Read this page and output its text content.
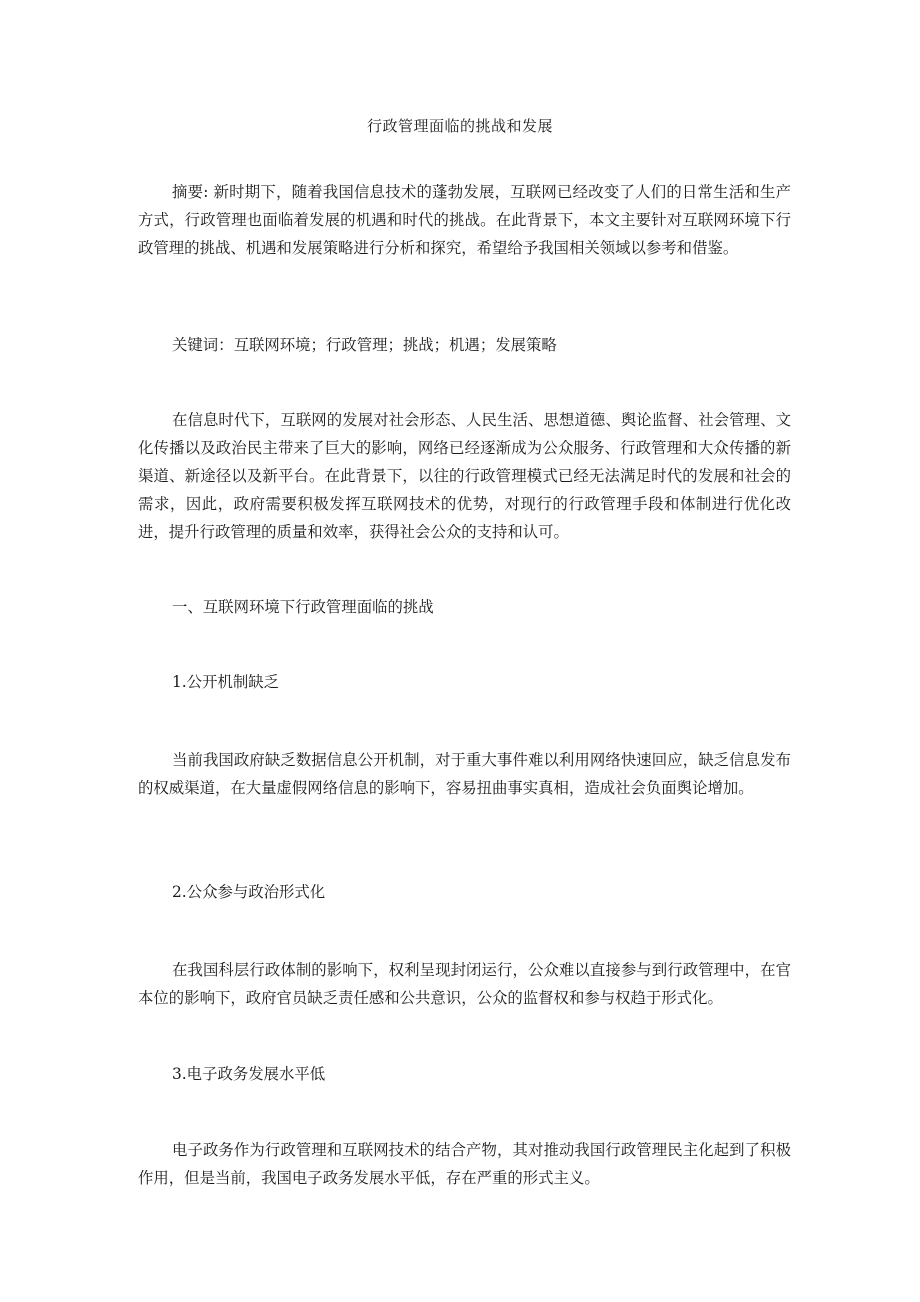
行政管理面临的挑战和发展

摘要: 新时期下，随着我国信息技术的蓬勃发展，互联网已经改变了人们的日常生活和生产方式，行政管理也面临着发展的机遇和时代的挑战。在此背景下，本文主要针对互联网环境下行政管理的挑战、机遇和发展策略进行分析和探究，希望给予我国相关领域以参考和借鉴。

关键词：互联网环境；行政管理；挑战；机遇；发展策略

在信息时代下，互联网的发展对社会形态、人民生活、思想道德、舆论监督、社会管理、文化传播以及政治民主带来了巨大的影响，网络已经逐渐成为公众服务、行政管理和大众传播的新渠道、新途径以及新平台。在此背景下，以往的行政管理模式已经无法满足时代的发展和社会的需求，因此，政府需要积极发挥互联网技术的优势，对现行的行政管理手段和体制进行优化改进，提升行政管理的质量和效率，获得社会公众的支持和认可。

一、互联网环境下行政管理面临的挑战

1.公开机制缺乏

当前我国政府缺乏数据信息公开机制，对于重大事件难以利用网络快速回应，缺乏信息发布的权威渠道，在大量虚假网络信息的影响下，容易扭曲事实真相，造成社会负面舆论增加。

2.公众参与政治形式化

在我国科层行政体制的影响下，权利呈现封闭运行，公众难以直接参与到行政管理中，在官本位的影响下，政府官员缺乏责任感和公共意识，公众的监督权和参与权趋于形式化。

3.电子政务发展水平低

电子政务作为行政管理和互联网技术的结合产物，其对推动我国行政管理民主化起到了积极作用，但是当前，我国电子政务发展水平低，存在严重的形式主义。
